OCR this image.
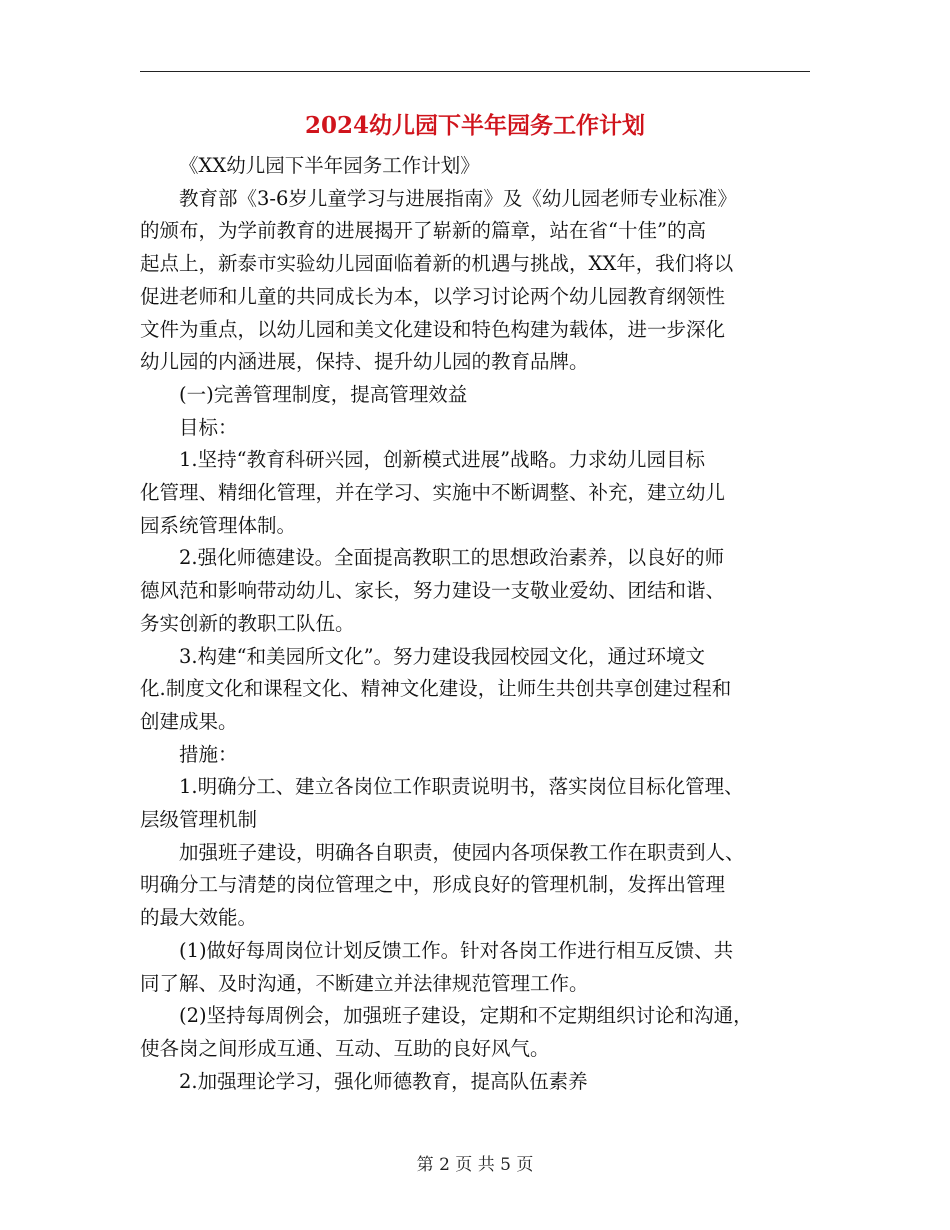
2024幼儿园下半年园务工作计划

《XX幼儿园下半年园务工作计划》

教育部《3-6岁儿童学习与进展指南》及《幼儿园老师专业标准》
的颁布，为学前教育的进展揭开了崭新的篇章，站在省“十佳”的高
起点上，新泰市实验幼儿园面临着新的机遇与挑战，XX年，我们将以
促进老师和儿童的共同成长为本，以学习讨论两个幼儿园教育纲领性
文件为重点，以幼儿园和美文化建设和特色构建为载体，进一步深化
幼儿园的内涵进展，保持、提升幼儿园的教育品牌。

(一)完善管理制度，提高管理效益

目标：

1.坚持“教育科研兴园，创新模式进展”战略。力求幼儿园目标
化管理、精细化管理，并在学习、实施中不断调整、补充，建立幼儿
园系统管理体制。

2.强化师德建设。全面提高教职工的思想政治素养，以良好的师
德风范和影响带动幼儿、家长，努力建设一支敬业爱幼、团结和谐、
务实创新的教职工队伍。

3.构建“和美园所文化”。努力建设我园校园文化，通过环境文
化.制度文化和课程文化、精神文化建设，让师生共创共享创建过程和
创建成果。

措施：

1.明确分工、建立各岗位工作职责说明书，落实岗位目标化管理、
层级管理机制

加强班子建设，明确各自职责，使园内各项保教工作在职责到人、
明确分工与清楚的岗位管理之中，形成良好的管理机制，发挥出管理
的最大效能。

(1)做好每周岗位计划反馈工作。针对各岗工作进行相互反馈、共
同了解、及时沟通，不断建立并法律规范管理工作。

(2)坚持每周例会，加强班子建设，定期和不定期组织讨论和沟通，
使各岗之间形成互通、互动、互助的良好风气。

2.加强理论学习，强化师德教育，提高队伍素养

第 2 页 共 5 页
